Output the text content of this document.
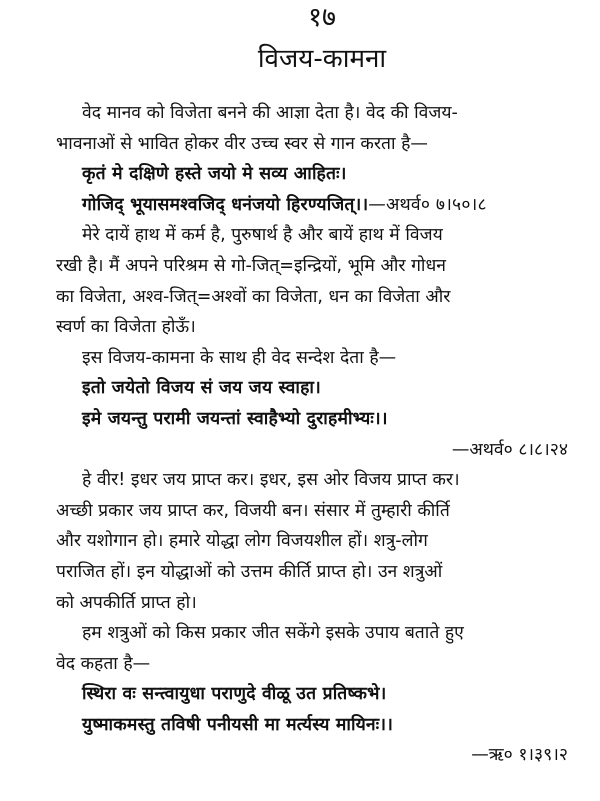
१७
विजय-कामना
वेद मानव को विजेता बनने की आज्ञा देता है। वेद की विजय-
भावनाओं से भावित होकर वीर उच्च स्वर से गान करता है—
कृतं मे दक्षिणे हस्ते जयो मे सव्य आहितः।
गोजिद् भूयासमश्वजिद् धनंजयो हिरण्यजित्।।—अथर्व० ७।५०।८
मेरे दायें हाथ में कर्म है, पुरुषार्थ है और बायें हाथ में विजय
रखी है। मैं अपने परिश्रम से गो-जित्=इन्द्रियों, भूमि और गोधन
का विजेता, अश्व-जित्=अश्वों का विजेता, धन का विजेता और
स्वर्ण का विजेता होऊँ।
इस विजय-कामना के साथ ही वेद सन्देश देता है—
इतो जयेतो विजय सं जय जय स्वाहा।
इमे जयन्तु परामी जयन्तां स्वाहैभ्यो दुराहमीभ्यः।।
—अथर्व० ८।८।२४
हे वीर! इधर जय प्राप्त कर। इधर, इस ओर विजय प्राप्त कर।
अच्छी प्रकार जय प्राप्त कर, विजयी बन। संसार में तुम्हारी कीर्ति
और यशोगान हो। हमारे योद्धा लोग विजयशील हों। शत्रु-लोग
पराजित हों। इन योद्धाओं को उत्तम कीर्ति प्राप्त हो। उन शत्रुओं
को अपकीर्ति प्राप्त हो।
हम शत्रुओं को किस प्रकार जीत सकेंगे इसके उपाय बताते हुए
वेद कहता है—
स्थिरा वः सन्त्वायुधा पराणुदे वीळू उत प्रतिष्कभे।
युष्माकमस्तु तविषी पनीयसी मा मर्त्यस्य मायिनः।।
—ऋ० १।३९।२
